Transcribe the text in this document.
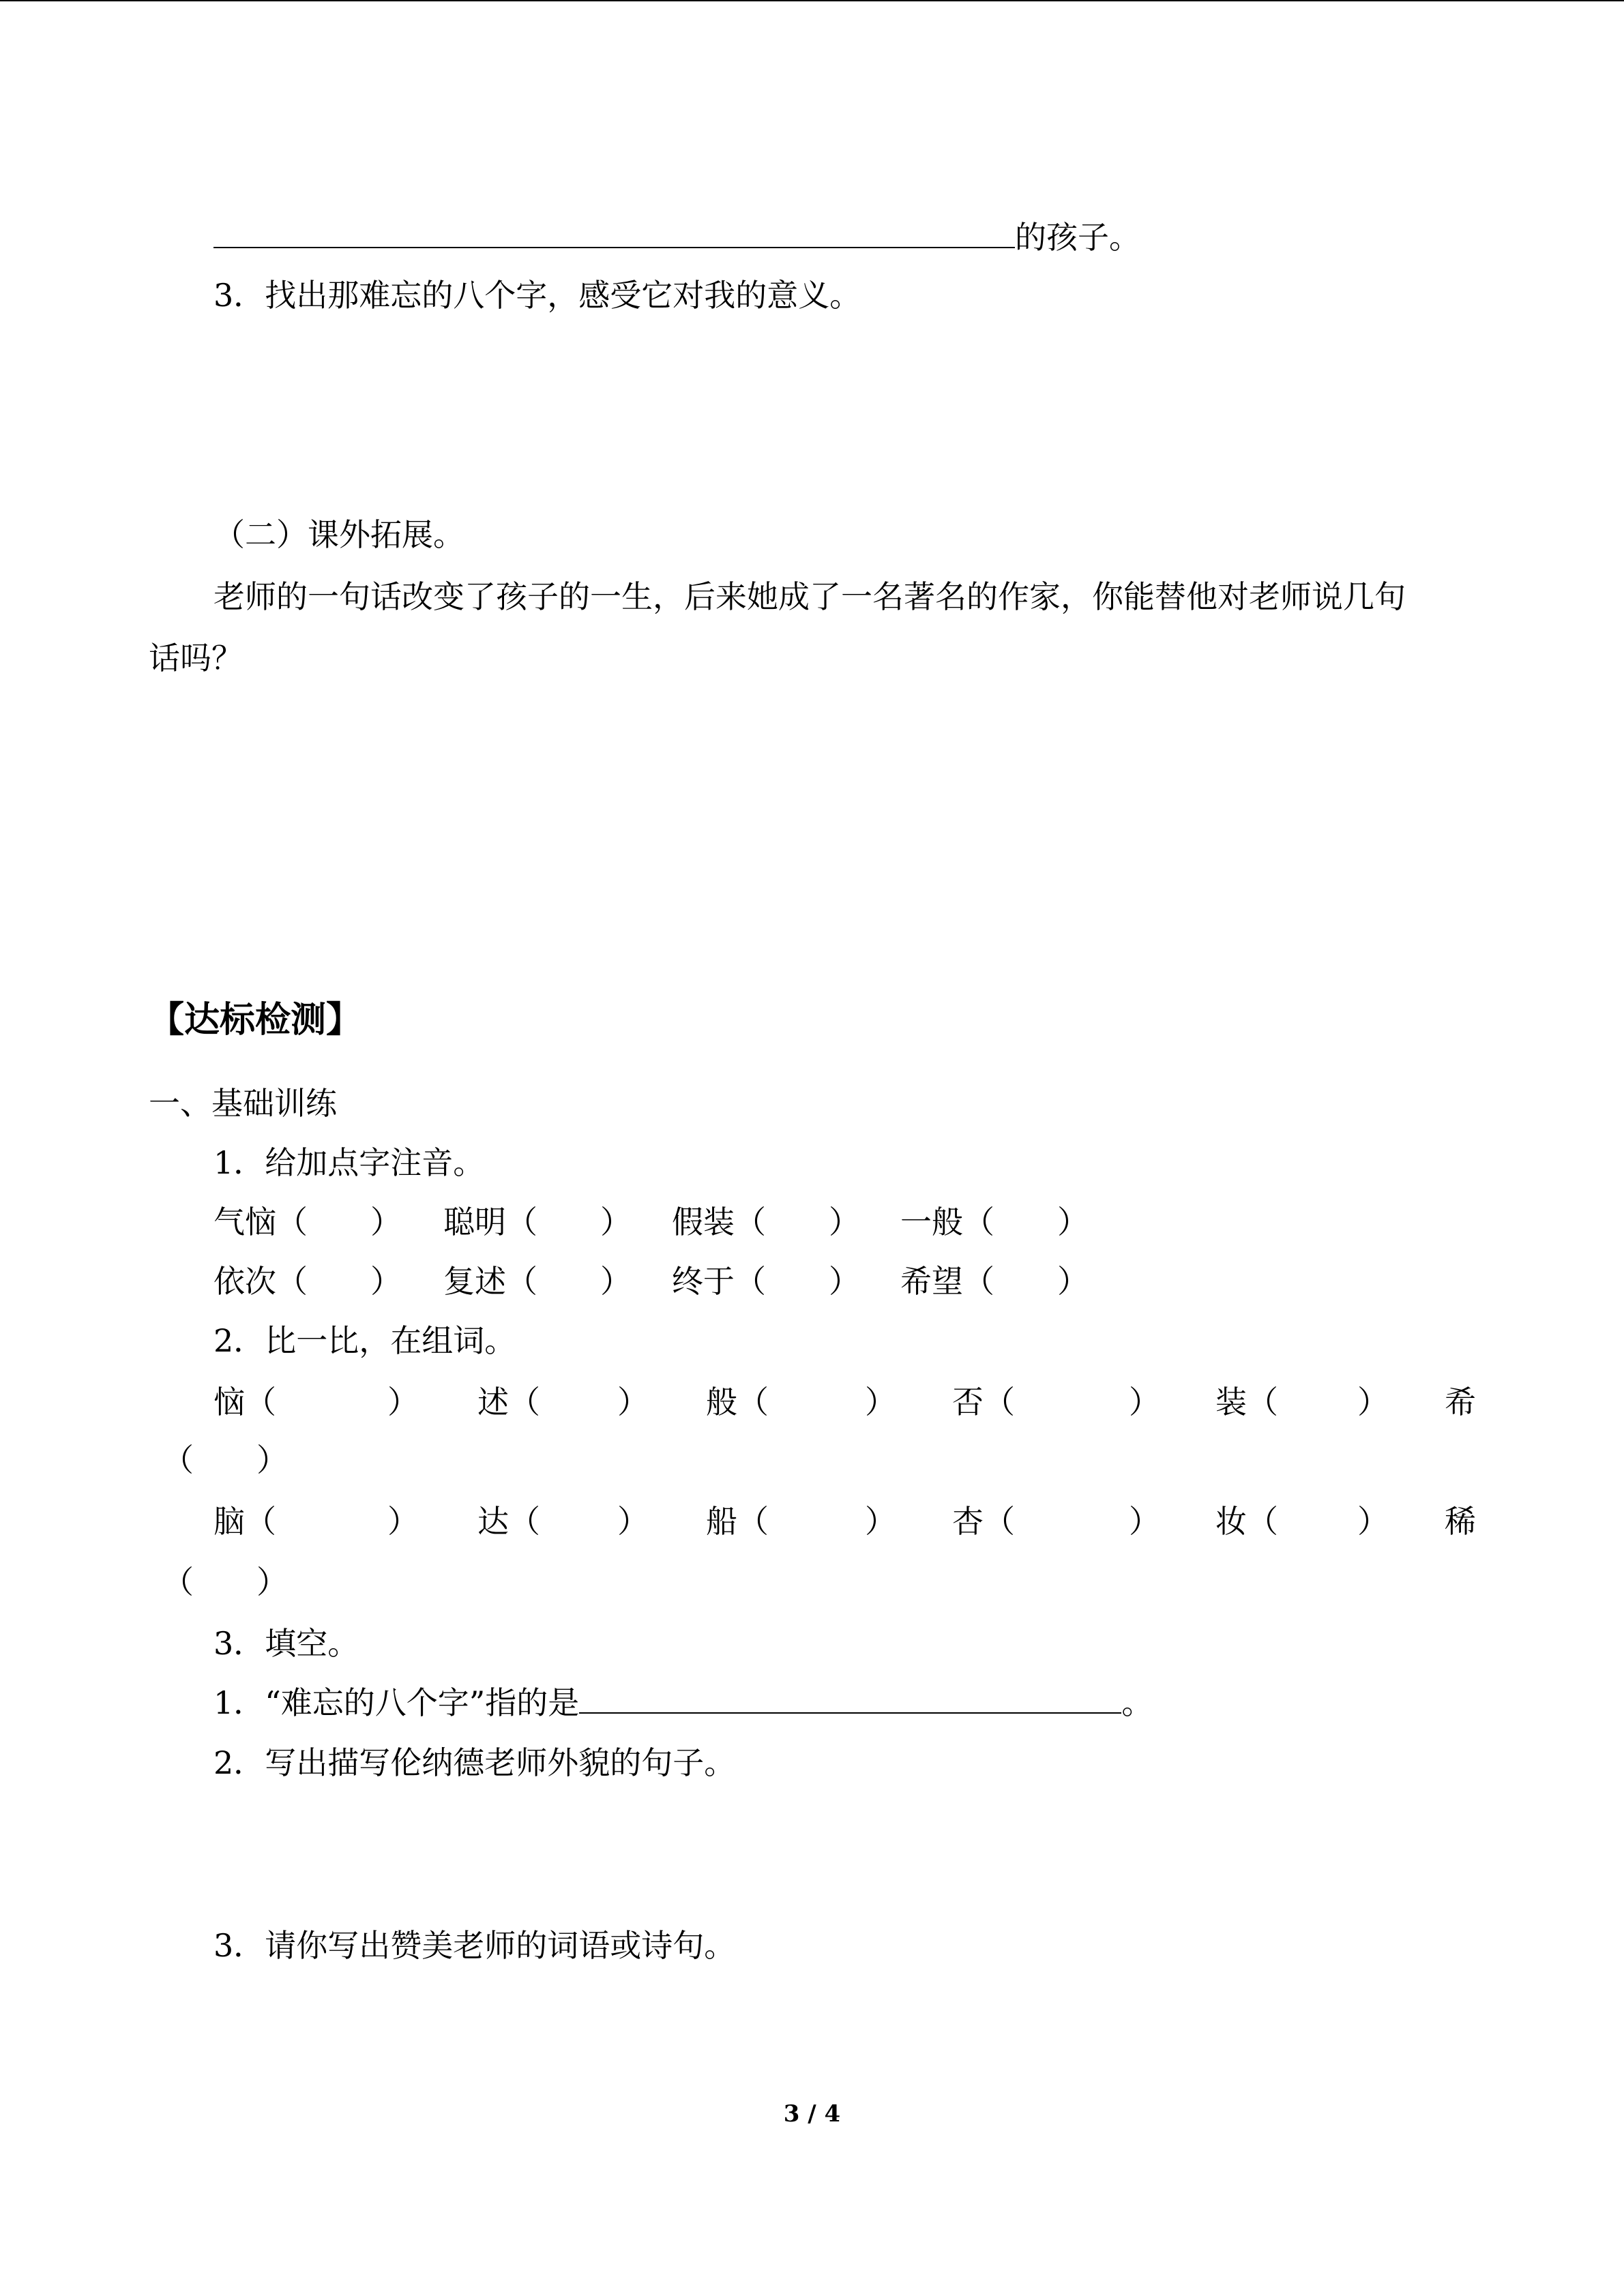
的孩子。
3．找出那难忘的八个字，感受它对我的意义。
（二）课外拓展。
老师的一句话改变了孩子的一生，后来她成了一名著名的作家，你能替他对老师说几句
话吗？
【达标检测】
一、基础训练
1．给加点字注音。
气恼（　　） 聪明（　　） 假装（　　） 一般（　　）
依次（　　） 复述（　　） 终于（　　） 希望（　　）
2．比一比，在组词。
恼（	） 述（ ） 般（	） 否（	） 装（	） 希
（　　）
脑（	） 达（ ） 船（	） 杏（	） 妆（	） 稀
（　　）
3．填空。
1．“难忘的八个字”指的是	。
2．写出描写伦纳德老师外貌的句子。
3．请你写出赞美老师的词语或诗句。
3 / 4
